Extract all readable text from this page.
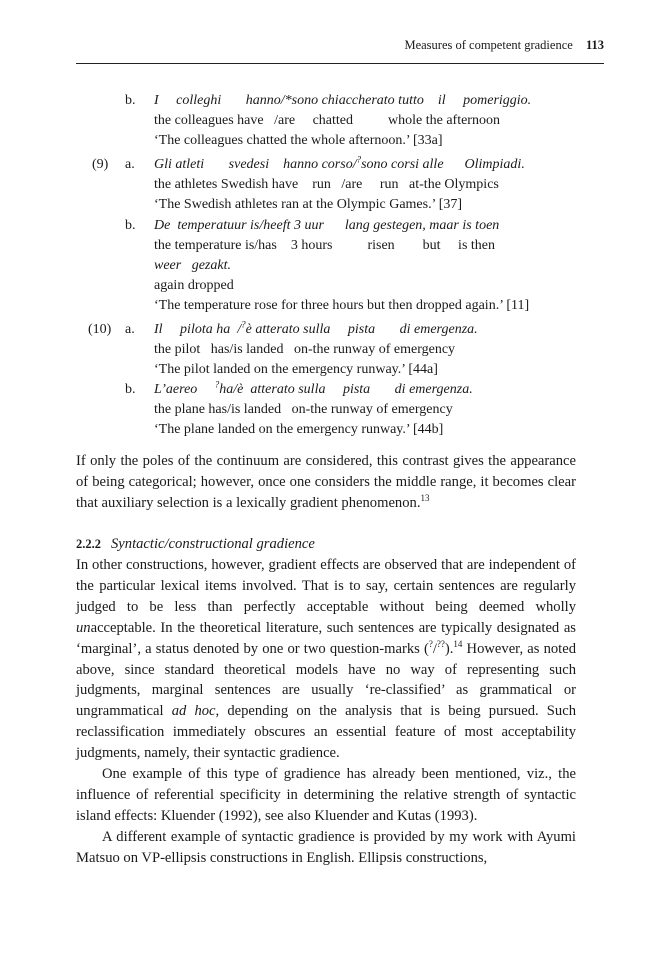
Measures of competent gradience 113
b. I     colleghi       hanno/*sono chiaccherato tutto    il     pomeriggio.
the colleagues have   /are     chatted          whole the afternoon
‘The colleagues chatted the whole afternoon.’ [33a]
(9) a. Gli atleti       svedesi    hanno corso/?sono corsi alle      Olimpiadi.
the athletes Swedish have    run   /are     run   at-the Olympics
‘The Swedish athletes ran at the Olympic Games.’ [37]
b. De  temperatuur is/heeft 3 uur      lang gestegen, maar is toen
the temperature is/has    3 hours          risen        but     is then
weer   gezakt.
again dropped
‘The temperature rose for three hours but then dropped again.’ [11]
(10) a. Il     pilota ha  /?è atterato sulla     pista       di emergenza.
the pilot   has/is landed   on-the runway of emergency
‘The pilot landed on the emergency runway.’ [44a]
b. L’aereo     ?ha/è  atterato sulla     pista       di emergenza.
the plane has/is landed   on-the runway of emergency
‘The plane landed on the emergency runway.’ [44b]

If only the poles of the continuum are considered, this contrast gives the appearance of being categorical; however, once one considers the middle range, it becomes clear that auxiliary selection is a lexically gradient phenomenon.$^{13}$

2.2.2 Syntactic/constructional gradience

In other constructions, however, gradient effects are observed that are independent of the particular lexical items involved. That is to say, certain sentences are regularly judged to be less than perfectly acceptable without being deemed wholly unacceptable. In the theoretical literature, such sentences are typically designated as ‘marginal’, a status denoted by one or two question-marks (?/??).$^{14}$ However, as noted above, since standard theoretical models have no way of representing such judgments, marginal sentences are usually ‘re-classified’ as grammatical or ungrammatical ad hoc, depending on the analysis that is being pursued. Such reclassification immediately obscures an essential feature of most acceptability judgments, namely, their syntactic gradience.

One example of this type of gradience has already been mentioned, viz., the influence of referential specificity in determining the relative strength of syntactic island effects: Kluender (1992), see also Kluender and Kutas (1993).

A different example of syntactic gradience is provided by my work with Ayumi Matsuo on VP-ellipsis constructions in English. Ellipsis constructions,
